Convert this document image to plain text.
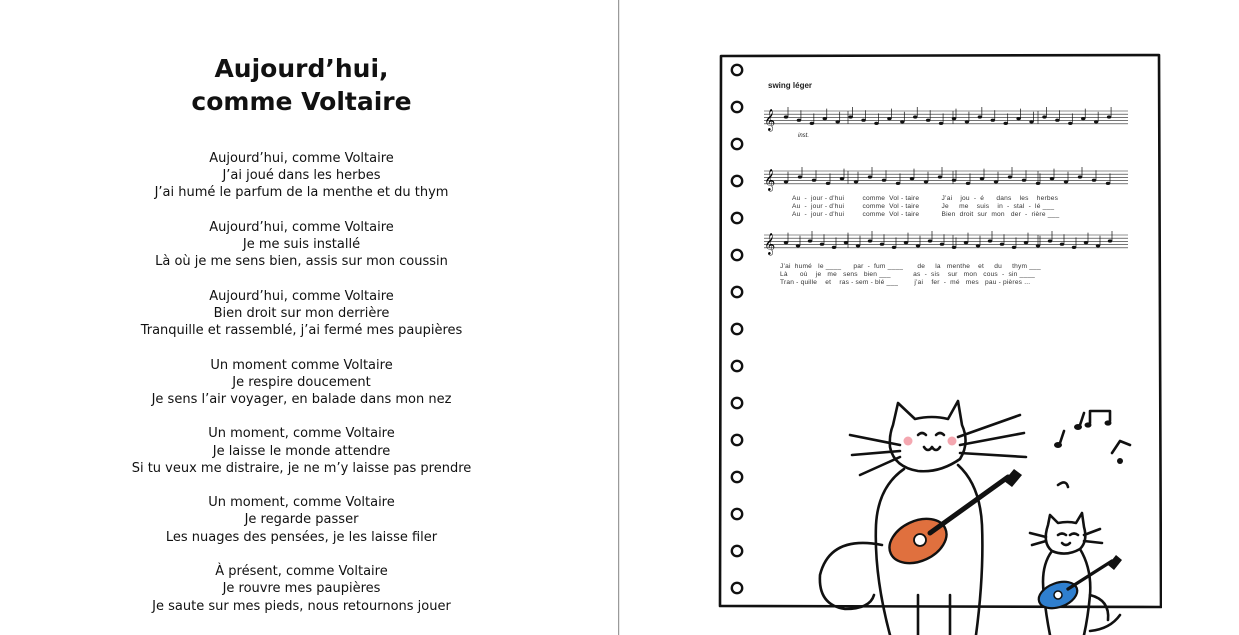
Aujourd’hui,
comme Voltaire
Aujourd’hui, comme Voltaire
J’ai joué dans les herbes
J’ai humé le parfum de la menthe et du thym
Aujourd’hui, comme Voltaire
Je me suis installé
Là où je me sens bien, assis sur mon coussin
Aujourd’hui, comme Voltaire
Bien droit sur mon derrière
Tranquille et rassemblé, j’ai fermé mes paupières
Un moment comme Voltaire
Je respire doucement
Je sens l’air voyager, en balade dans mon nez
Un moment, comme Voltaire
Je laisse le monde attendre
Si tu veux me distraire, je ne m’y laisse pas prendre
Un moment, comme Voltaire
Je regarde passer
Les nuages des pensées, je les laisse filer
À présent, comme Voltaire
Je rouvre mes paupières
Je saute sur mes pieds, nous retournons jouer
𝄞
𝄞
𝄞
swing léger
inst.
Au  -  jour - d’hui         comme  Vol - taire           J’ai    jou  -  é      dans    les    herbes
Au  -  jour - d’hui         comme  Vol - taire           Je     me    suis    in  -  stal  -  lé ___
Au  -  jour - d’hui         comme  Vol - taire           Bien  droit  sur  mon   der  -  rière ___
J’ai  humé   le ____      par  -  fum ____       de     la   menthe    et     du     thym ___
Là      où    je   me   sens   bien ___           as  -  sis    sur   mon   cous  -  sin ____
Tran - quille    et    ras - sem - blé ___        j’ai    fer  -  mé   mes   pau - pières ...
